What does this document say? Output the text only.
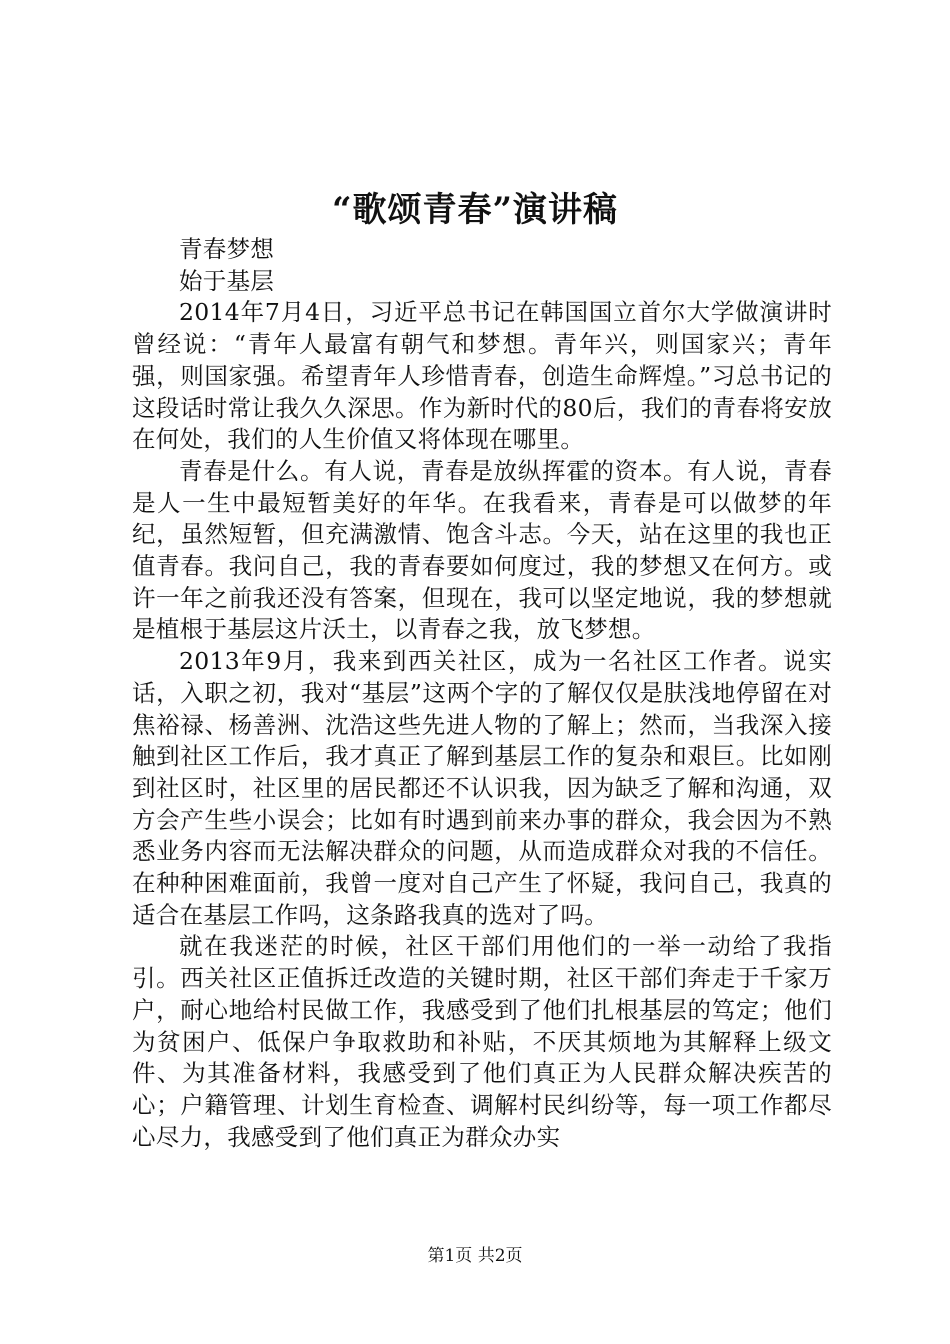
“歌颂青春”演讲稿

青春梦想

始于基层

2014年7月4日，习近平总书记在韩国国立首尔大学做演讲时曾经说：“青年人最富有朝气和梦想。青年兴，则国家兴；青年强，则国家强。希望青年人珍惜青春，创造生命辉煌。”习总书记的这段话时常让我久久深思。作为新时代的80后，我们的青春将安放在何处，我们的人生价值又将体现在哪里。

青春是什么。有人说，青春是放纵挥霍的资本。有人说，青春是人一生中最短暂美好的年华。在我看来，青春是可以做梦的年纪，虽然短暂，但充满激情、饱含斗志。今天，站在这里的我也正值青春。我问自己，我的青春要如何度过，我的梦想又在何方。或许一年之前我还没有答案，但现在，我可以坚定地说，我的梦想就是植根于基层这片沃土，以青春之我，放飞梦想。

2013年9月，我来到西关社区，成为一名社区工作者。说实话，入职之初，我对“基层”这两个字的了解仅仅是肤浅地停留在对焦裕禄、杨善洲、沈浩这些先进人物的了解上；然而，当我深入接触到社区工作后，我才真正了解到基层工作的复杂和艰巨。比如刚到社区时，社区里的居民都还不认识我，因为缺乏了解和沟通，双方会产生些小误会；比如有时遇到前来办事的群众，我会因为不熟悉业务内容而无法解决群众的问题，从而造成群众对我的不信任。在种种困难面前，我曾一度对自己产生了怀疑，我问自己，我真的适合在基层工作吗，这条路我真的选对了吗。

就在我迷茫的时候，社区干部们用他们的一举一动给了我指引。西关社区正值拆迁改造的关键时期，社区干部们奔走于千家万户，耐心地给村民做工作，我感受到了他们扎根基层的笃定；他们为贫困户、低保户争取救助和补贴，不厌其烦地为其解释上级文件、为其准备材料，我感受到了他们真正为人民群众解决疾苦的心；户籍管理、计划生育检查、调解村民纠纷等，每一项工作都尽心尽力，我感受到了他们真正为群众办实

第1页 共2页
